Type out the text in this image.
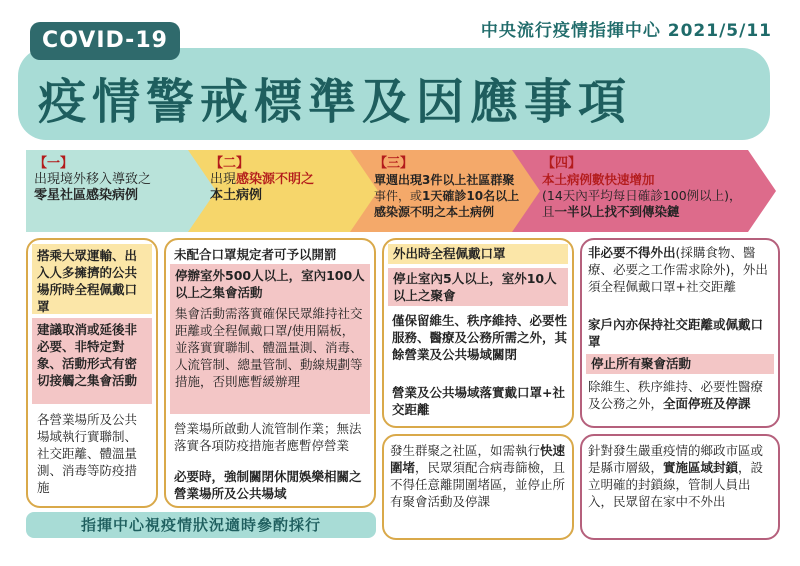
中央流行疫情指揮中心 2021/5/11
COVID-19
疫情警戒標準及因應事項
【一】
出現境外移入導致之
零星社區感染病例
【二】
出現感染源不明之
本土病例
【三】
單週出現3件以上社區群聚
事件，或1天確診10名以上
感染源不明之本土病例
【四】
本土病例數快速增加
(14天內平均每日確診100例以上)，
且一半以上找不到傳染鏈
搭乘大眾運輸、出入人多擁擠的公共場所時全程佩戴口罩
建議取消或延後非必要、非特定對象、活動形式有密切接觸之集會活動
各營業場所及公共場域執行實聯制、社交距離、體溫量測、消毒等防疫措施
未配合口罩規定者可予以開罰
停辦室外500人以上，室內100人以上之集會活動
集會活動需落實確保民眾維持社交距離或全程佩戴口罩/使用隔板，並落實實聯制、體溫量測、消毒、人流管制、總量管制、動線規劃等措施，否則應暫緩辦理
營業場所啟動人流管制作業；無法落實各項防疫措施者應暫停營業
必要時，強制關閉休閒娛樂相關之營業場所及公共場域
外出時全程佩戴口罩
停止室內5人以上，室外10人以上之聚會
僅保留維生、秩序維持、必要性服務、醫療及公務所需之外，其餘營業及公共場域關閉
營業及公共場域落實戴口罩+社交距離
發生群聚之社區，如需執行快速圍堵，民眾須配合病毒篩檢，且不得任意離開圍堵區，並停止所有聚會活動及停課
非必要不得外出(採購食物、醫療、必要之工作需求除外)，外出須全程佩戴口罩+社交距離
家戶內亦保持社交距離或佩戴口罩
停止所有聚會活動
除維生、秩序維持、必要性醫療及公務之外，全面停班及停課
針對發生嚴重疫情的鄉政市區或是縣市層級，實施區域封鎖，設立明確的封鎖線，管制人員出入，民眾留在家中不外出
指揮中心視疫情狀況適時參酌採行
